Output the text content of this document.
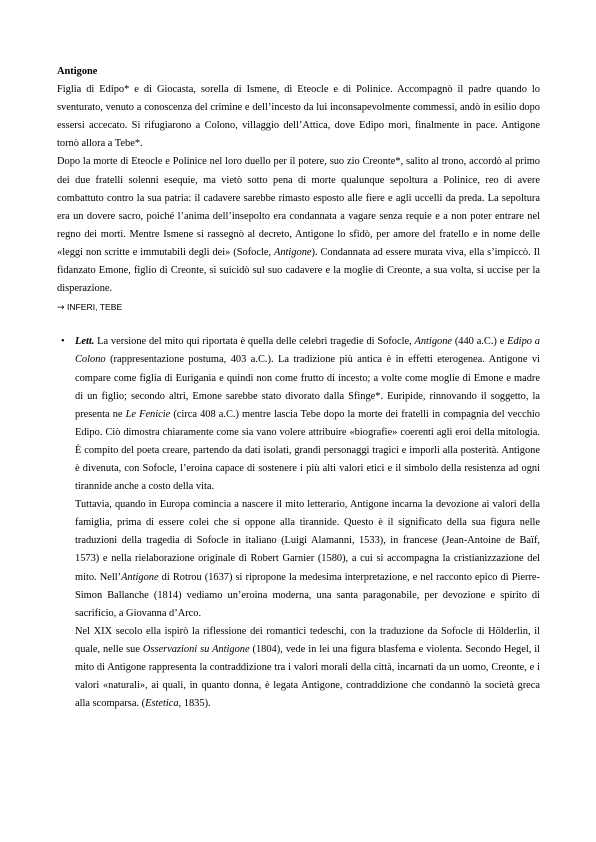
Antigone

Figlia di Edipo* e di Giocasta, sorella di Ismene, di Eteocle e di Polinice. Accompagnò il padre quando lo sventurato, venuto a conoscenza del crimine e dell’incesto da lui inconsapevolmente commessi, andò in esilio dopo essersi accecato. Si rifugiarono a Colono, villaggio dell’Attica, dove Edipo morì, finalmente in pace. Antigone tornò allora a Tebe*.

Dopo la morte di Eteocle e Polinice nel loro duello per il potere, suo zio Creonte*, salito al trono, accordò al primo dei due fratelli solenni esequie, ma vietò sotto pena di morte qualunque sepoltura a Polinice, reo di avere combattuto contro la sua patria: il cadavere sarebbe rimasto esposto alle fiere e agli uccelli da preda. La sepoltura era un dovere sacro, poiché l’anima dell’insepolto era condannata a vagare senza requie e a non poter entrare nel regno dei morti. Mentre Ismene si rassegnò al decreto, Antigone lo sfidò, per amore del fratello e in nome delle «leggi non scritte e immutabili degli dei» (Sofocle, Antigone). Condannata ad essere murata viva, ella s’impiccò. Il fidanzato Emone, figlio di Creonte, si suicidò sul suo cadavere e la moglie di Creonte, a sua volta, si uccise per la disperazione.

→ INFERI, TEBE
• Lett. La versione del mito qui riportata è quella delle celebri tragedie di Sofocle, Antigone (440 a.C.) e Edipo a Colono (rappresentazione postuma, 403 a.C.). La tradizione più antica è in effetti eterogenea. Antigone vi compare come figlia di Eurigania e quindi non come frutto di incesto; a volte come moglie di Emone e madre di un figlio; secondo altri, Emone sarebbe stato divorato dalla Sfinge*. Euripide, rinnovando il soggetto, la presenta ne Le Fenicie (circa 408 a.C.) mentre lascia Tebe dopo la morte dei fratelli in compagnia del vecchio Edipo. Ciò dimostra chiaramente come sia vano volere attribuire «biografie» coerenti agli eroi della mitologia. È compito del poeta creare, partendo da dati isolati, grandi personaggi tragici e imporli alla posterità. Antigone è divenuta, con Sofocle, l’eroina capace di sostenere i più alti valori etici e il simbolo della resistenza ad ogni tirannide anche a costo della vita.

Tuttavia, quando in Europa comincia a nascere il mito letterario, Antigone incarna la devozione ai valori della famiglia, prima di essere colei che si oppone alla tirannide. Questo è il significato della sua figura nelle traduzioni della tragedia di Sofocle in italiano (Luigi Alamanni, 1533), in francese (Jean-Antoine de Baïf, 1573) e nella rielaborazione originale di Robert Garnier (1580), a cui si accompagna la cristianizzazione del mito. Nell’Antigone di Rotrou (1637) si ripropone la medesima interpretazione, e nel racconto epico di Pierre-Simon Ballanche (1814) vediamo un’eroina moderna, una santa paragonabile, per devozione e spirito di sacrificio, a Giovanna d’Arco.

Nel XIX secolo ella ispirò la riflessione dei romantici tedeschi, con la traduzione da Sofocle di Hölderlin, il quale, nelle sue Osservazioni su Antigone (1804), vede in lei una figura blasfema e violenta. Secondo Hegel, il mito di Antigone rappresenta la contraddizione tra i valori morali della città, incarnati da un uomo, Creonte, e i valori «naturali», ai quali, in quanto donna, è legata Antigone, contraddizione che condannò la società greca alla scomparsa. (Estetica, 1835).
